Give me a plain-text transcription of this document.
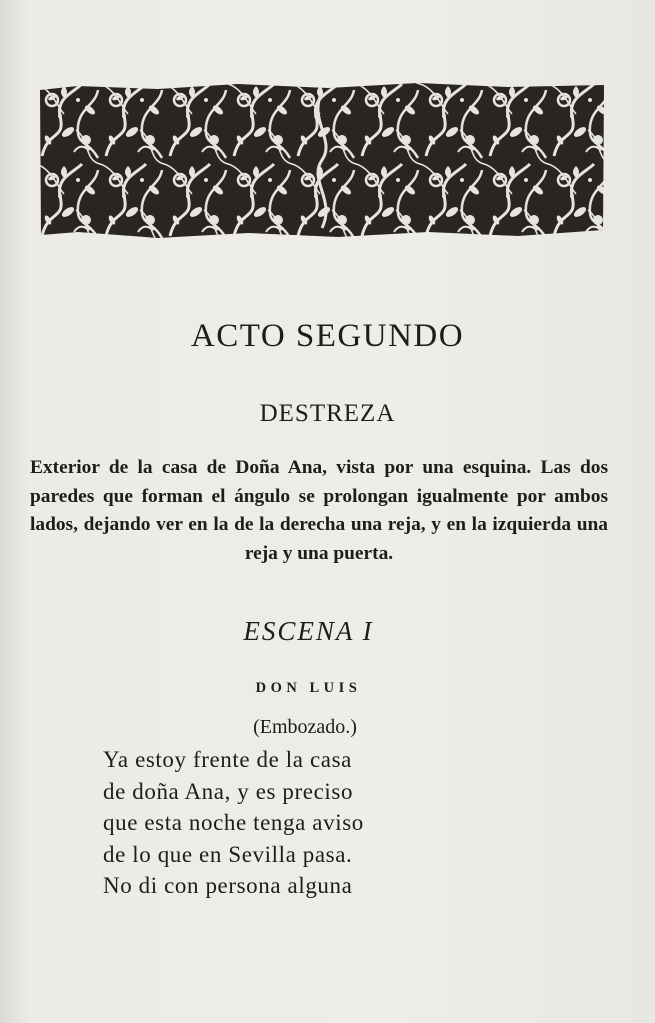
ACTO SEGUNDO
DESTREZA
Exterior de la casa de Doña Ana, vista por una esquina. Las dos paredes que forman el ángulo se prolongan igualmente por ambos lados, dejando ver en la de la derecha una reja, y en la izquierda una reja y una puerta.
ESCENA I
DON LUIS
(Embozado.)
Ya estoy frente de la casa
de doña Ana, y es preciso
que esta noche tenga aviso
de lo que en Sevilla pasa.
No di con persona alguna
